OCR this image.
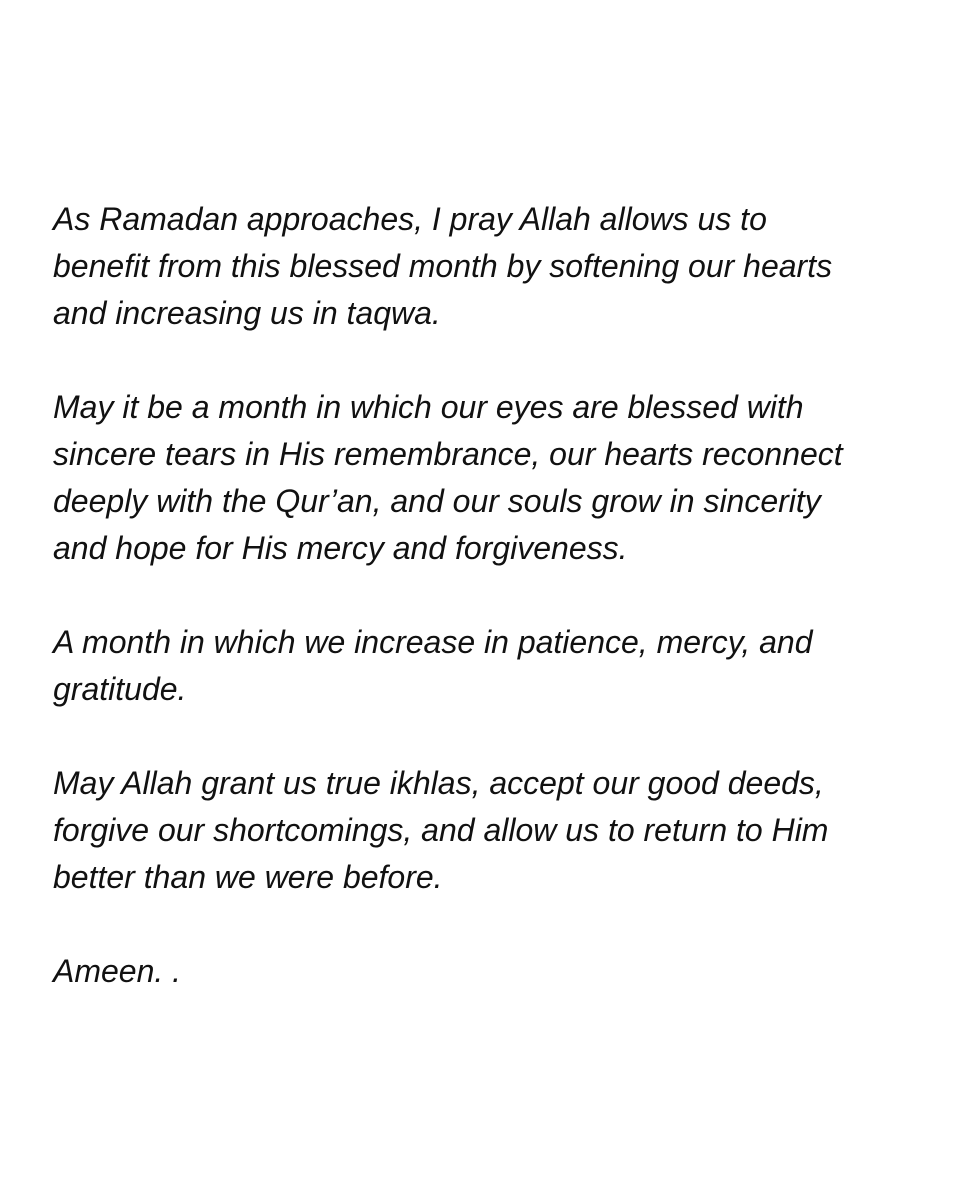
As Ramadan approaches, I pray Allah allows us to
benefit from this blessed month by softening our hearts
and increasing us in taqwa.

May it be a month in which our eyes are blessed with
sincere tears in His remembrance, our hearts reconnect
deeply with the Qur’an, and our souls grow in sincerity
and hope for His mercy and forgiveness.

A month in which we increase in patience, mercy, and
gratitude.

May Allah grant us true ikhlas, accept our good deeds,
forgive our shortcomings, and allow us to return to Him
better than we were before.

Ameen. .
